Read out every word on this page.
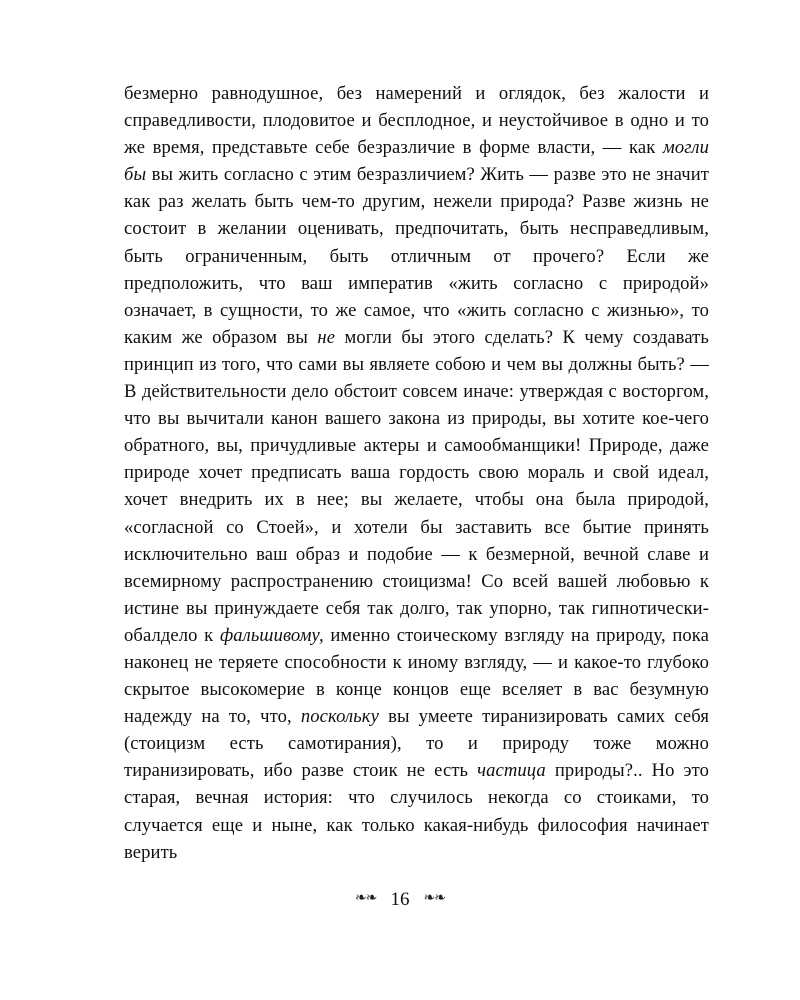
безмерно равнодушное, без намерений и оглядок, без жалости и справедливости, плодовитое и бесплодное, и неустойчивое в одно и то же время, представьте себе безразличие в форме власти, — как могли бы вы жить согласно с этим безразличием? Жить — разве это не значит как раз желать быть чем-то другим, нежели природа? Разве жизнь не состоит в желании оценивать, предпочитать, быть несправедливым, быть ограниченным, быть отличным от прочего? Если же предположить, что ваш императив «жить согласно с природой» означает, в сущности, то же самое, что «жить согласно с жизнью», то каким же образом вы не могли бы этого сделать? К чему создавать принцип из того, что сами вы являете собою и чем вы должны быть? — В действительности дело обстоит совсем иначе: утверждая с восторгом, что вы вычитали канон вашего закона из природы, вы хотите кое-чего обратного, вы, причудливые актеры и самообманщики! Природе, даже природе хочет предписать ваша гордость свою мораль и свой идеал, хочет внедрить их в нее; вы желаете, чтобы она была природой, «согласной со Стоей», и хотели бы заставить все бытие принять исключительно ваш образ и подобие — к безмерной, вечной славе и всемирному распространению стоицизма! Со всей вашей любовью к истине вы принуждаете себя так долго, так упорно, так гипнотически-обалдело к фальшивому, именно стоическому взгляду на природу, пока наконец не теряете способности к иному взгляду, — и какое-то глубоко скрытое высокомерие в конце концов еще вселяет в вас безумную надежду на то, что, поскольку вы умеете тиранизировать самих себя (стоицизм есть самотирания), то и природу тоже можно тиранизировать, ибо разве стоик не есть частица природы?.. Но это старая, вечная история: что случилось некогда со стоиками, то случается еще и ныне, как только какая-нибудь философия начинает верить

❧❧ 16 ❧❧
